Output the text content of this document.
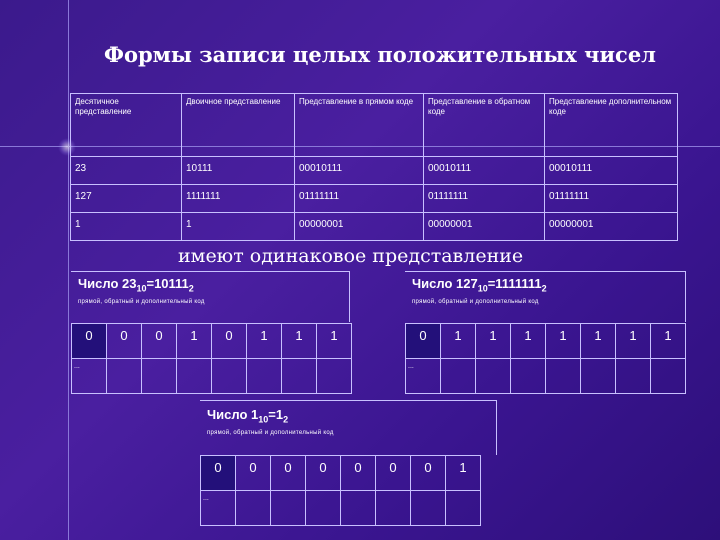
Формы записи целых положительных чисел
Десятичное представление	Двоичное представление	Представление в прямом коде	Представление в обратном коде	Представление дополнительном коде
23	10111	00010111	00010111	00010111
127	1111111	01111111	01111111	01111111
1	1	00000001	00000001	00000001
имеют одинаковое представление
Число $23_{10}=10111_2$
прямой, обратный и дополнительный код
0	0	0	1	0	1	1	1
...							
Число $127_{10}=1111111_2$
прямой, обратный и дополнительный код
0	1	1	1	1	1	1	1
...							
Число $1_{10}=1_2$
прямой, обратный и дополнительный код
0	0	0	0	0	0	0	1
...							
